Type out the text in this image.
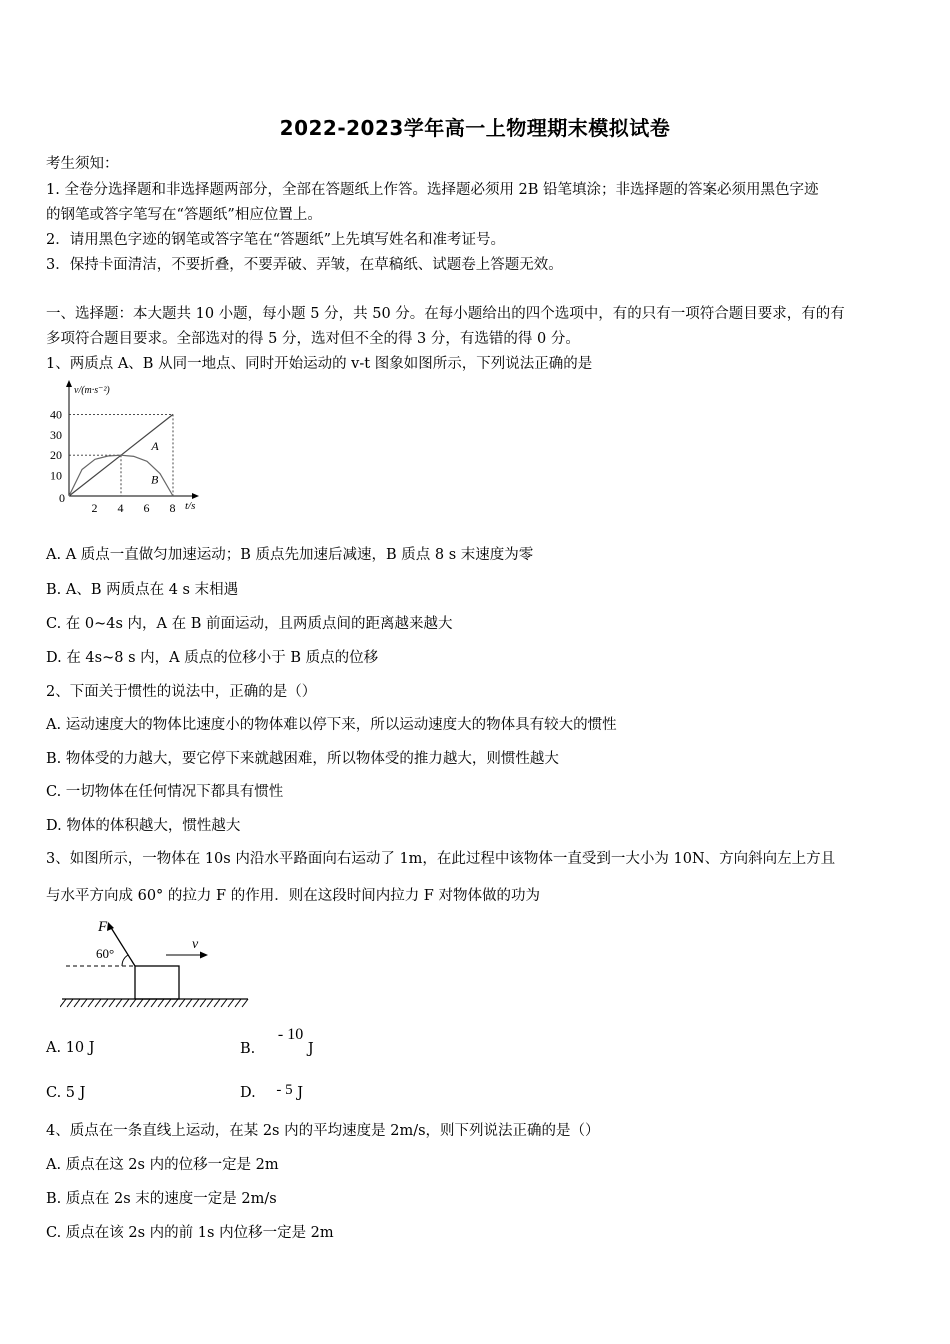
2022-2023学年高一上物理期末模拟试卷
考生须知：
1. 全卷分选择题和非选择题两部分，全部在答题纸上作答。选择题必须用 2B 铅笔填涂；非选择题的答案必须用黑色字迹
的钢笔或答字笔写在“答题纸”相应位置上。
2．请用黑色字迹的钢笔或答字笔在“答题纸”上先填写姓名和准考证号。
3．保持卡面清洁，不要折叠，不要弄破、弄皱，在草稿纸、试题卷上答题无效。
一、选择题：本大题共 10 小题，每小题 5 分，共 50 分。在每小题给出的四个选项中，有的只有一项符合题目要求，有的有
多项符合题目要求。全部选对的得 5 分，选对但不全的得 3 分，有选错的得 0 分。
1、两质点 A、B 从同一地点、同时开始运动的 v-t 图象如图所示，下列说法正确的是
v/(m·s⁻²)
t/s
0
2 4 6 8
10
20
30
40
A
B
A. A 质点一直做匀加速运动；B 质点先加速后减速，B 质点 8 s 末速度为零
B. A、B 两质点在 4 s 末相遇
C. 在 0~4s 内，A 在 B 前面运动，且两质点间的距离越来越大
D. 在 4s~8 s 内，A 质点的位移小于 B 质点的位移
2、下面关于惯性的说法中，正确的是（）
A. 运动速度大的物体比速度小的物体难以停下来，所以运动速度大的物体具有较大的惯性
B. 物体受的力越大，要它停下来就越困难，所以物体受的推力越大，则惯性越大
C. 一切物体在任何情况下都具有惯性
D. 物体的体积越大，惯性越大
3、如图所示，一物体在 10s 内沿水平路面向右运动了 1m，在此过程中该物体一直受到一大小为 10N、方向斜向左上方且
与水平方向成 60° 的拉力 F 的作用．则在这段时间内拉力 F 对物体做的功为
F
60°
v
A. 10 J	B. - 10 J
C. 5 J	D. - 5 J
4、质点在一条直线上运动，在某 2s 内的平均速度是 2m/s，则下列说法正确的是（）
A. 质点在这 2s 内的位移一定是 2m
B. 质点在 2s 末的速度一定是 2m/s
C. 质点在该 2s 内的前 1s 内位移一定是 2m
